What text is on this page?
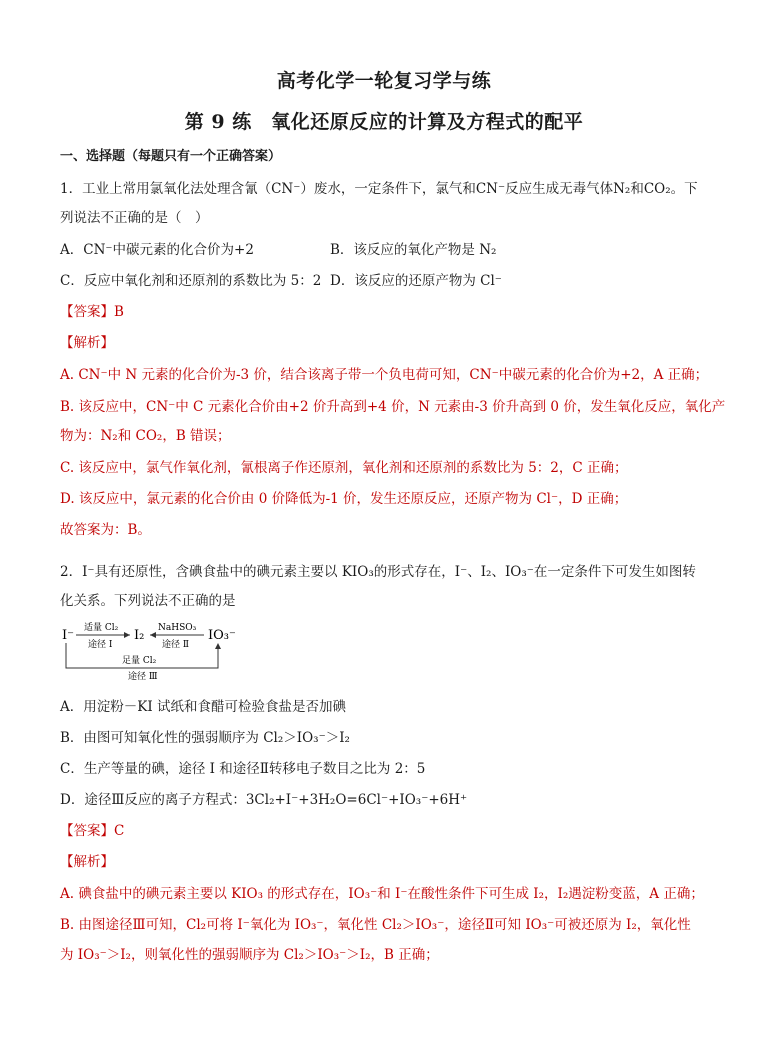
高考化学一轮复习学与练
第 9 练　氧化还原反应的计算及方程式的配平
一、选择题（每题只有一个正确答案）
1．工业上常用氯氧化法处理含氰（CN⁻）废水，一定条件下，氯气和CN⁻反应生成无毒气体N₂和CO₂。下
列说法不正确的是（　）
A．CN⁻中碳元素的化合价为+2	B．该反应的氧化产物是 N₂
C．反应中氧化剂和还原剂的系数比为 5：2 D．该反应的还原产物为 Cl⁻
【答案】B
【解析】
A. CN⁻中 N 元素的化合价为-3 价，结合该离子带一个负电荷可知，CN⁻中碳元素的化合价为+2，A 正确；
B. 该反应中，CN⁻中 C 元素化合价由+2 价升高到+4 价，N 元素由-3 价升高到 0 价，发生氧化反应，氧化产
物为：N₂和 CO₂，B 错误；
C. 该反应中，氯气作氧化剂，氰根离子作还原剂，氧化剂和还原剂的系数比为 5：2，C 正确；
D. 该反应中，氯元素的化合价由 0 价降低为-1 价，发生还原反应，还原产物为 Cl⁻，D 正确；
故答案为：B。
2．I⁻具有还原性，含碘食盐中的碘元素主要以 KIO₃的形式存在，I⁻、I₂、IO₃⁻在一定条件下可发生如图转
化关系。下列说法不正确的是
I⁻	I₂	IO₃⁻
适量 Cl₂
途径 Ⅰ
NaHSO₃
途径 Ⅱ
足量 Cl₂
途径 Ⅲ
A．用淀粉－KI 试纸和食醋可检验食盐是否加碘
B．由图可知氧化性的强弱顺序为 Cl₂＞IO₃⁻＞I₂
C．生产等量的碘，途径 I 和途径Ⅱ转移电子数目之比为 2：5
D．途径Ⅲ反应的离子方程式：3Cl₂+I⁻+3H₂O=6Cl⁻+IO₃⁻+6H⁺
【答案】C
【解析】
A. 碘食盐中的碘元素主要以 KIO₃ 的形式存在，IO₃⁻和 I⁻在酸性条件下可生成 I₂，I₂遇淀粉变蓝，A 正确；
B. 由图途径Ⅲ可知，Cl₂可将 I⁻氧化为 IO₃⁻，氧化性 Cl₂＞IO₃⁻，途径Ⅱ可知 IO₃⁻可被还原为 I₂，氧化性
为 IO₃⁻＞I₂，则氧化性的强弱顺序为 Cl₂＞IO₃⁻＞I₂，B 正确；
